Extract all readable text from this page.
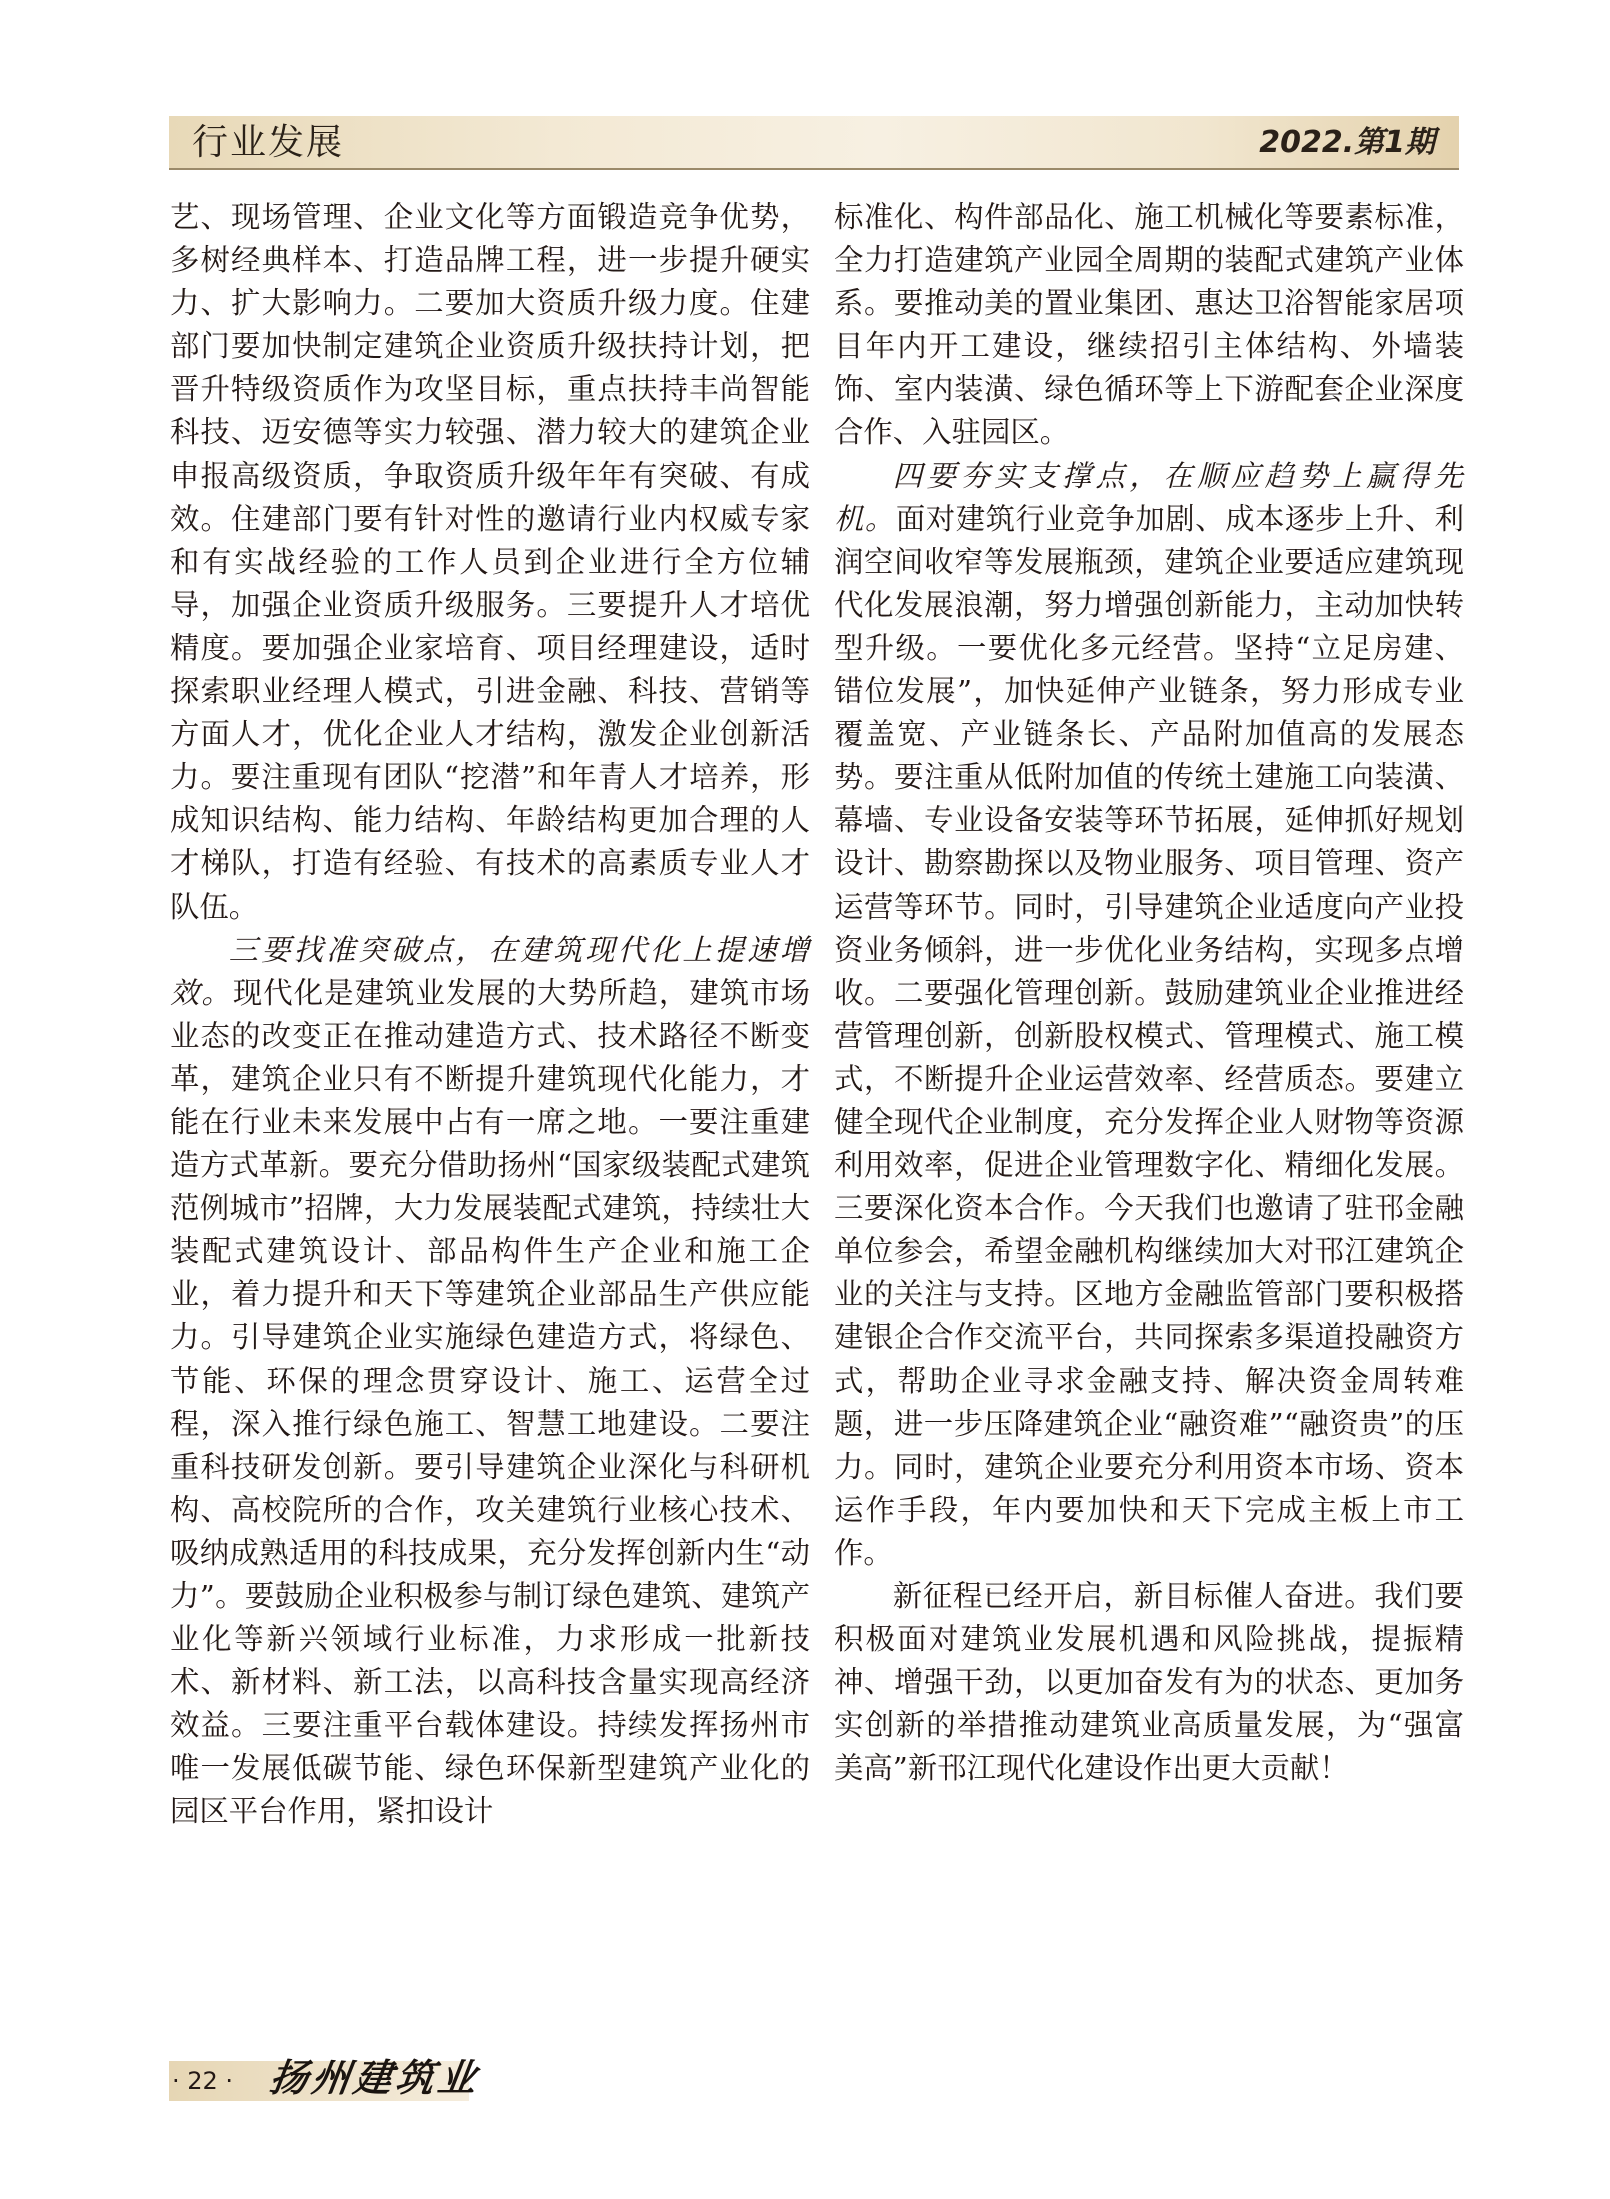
行业发展	2022.第1期

艺、现场管理、企业文化等方面锻造竞争优势，多树经典样本、打造品牌工程，进一步提升硬实力、扩大影响力。二要加大资质升级力度。住建部门要加快制定建筑企业资质升级扶持计划，把晋升特级资质作为攻坚目标，重点扶持丰尚智能科技、迈安德等实力较强、潜力较大的建筑企业申报高级资质，争取资质升级年年有突破、有成效。住建部门要有针对性的邀请行业内权威专家和有实战经验的工作人员到企业进行全方位辅导，加强企业资质升级服务。三要提升人才培优精度。要加强企业家培育、项目经理建设，适时探索职业经理人模式，引进金融、科技、营销等方面人才，优化企业人才结构，激发企业创新活力。要注重现有团队“挖潜”和年青人才培养，形成知识结构、能力结构、年龄结构更加合理的人才梯队，打造有经验、有技术的高素质专业人才队伍。

三要找准突破点，在建筑现代化上提速增效。现代化是建筑业发展的大势所趋，建筑市场业态的改变正在推动建造方式、技术路径不断变革，建筑企业只有不断提升建筑现代化能力，才能在行业未来发展中占有一席之地。一要注重建造方式革新。要充分借助扬州“国家级装配式建筑范例城市”招牌，大力发展装配式建筑，持续壮大装配式建筑设计、部品构件生产企业和施工企业，着力提升和天下等建筑企业部品生产供应能力。引导建筑企业实施绿色建造方式，将绿色、节能、环保的理念贯穿设计、施工、运营全过程，深入推行绿色施工、智慧工地建设。二要注重科技研发创新。要引导建筑企业深化与科研机构、高校院所的合作，攻关建筑行业核心技术、吸纳成熟适用的科技成果，充分发挥创新内生“动力”。要鼓励企业积极参与制订绿色建筑、建筑产业化等新兴领域行业标准，力求形成一批新技术、新材料、新工法，以高科技含量实现高经济效益。三要注重平台载体建设。持续发挥扬州市唯一发展低碳节能、绿色环保新型建筑产业化的园区平台作用，紧扣设计

标准化、构件部品化、施工机械化等要素标准，全力打造建筑产业园全周期的装配式建筑产业体系。要推动美的置业集团、惠达卫浴智能家居项目年内开工建设，继续招引主体结构、外墙装饰、室内装潢、绿色循环等上下游配套企业深度合作、入驻园区。

四要夯实支撑点，在顺应趋势上赢得先机。面对建筑行业竞争加剧、成本逐步上升、利润空间收窄等发展瓶颈，建筑企业要适应建筑现代化发展浪潮，努力增强创新能力，主动加快转型升级。一要优化多元经营。坚持“立足房建、错位发展”，加快延伸产业链条，努力形成专业覆盖宽、产业链条长、产品附加值高的发展态势。要注重从低附加值的传统土建施工向装潢、幕墙、专业设备安装等环节拓展，延伸抓好规划设计、勘察勘探以及物业服务、项目管理、资产运营等环节。同时，引导建筑企业适度向产业投资业务倾斜，进一步优化业务结构，实现多点增收。二要强化管理创新。鼓励建筑业企业推进经营管理创新，创新股权模式、管理模式、施工模式，不断提升企业运营效率、经营质态。要建立健全现代企业制度，充分发挥企业人财物等资源利用效率，促进企业管理数字化、精细化发展。三要深化资本合作。今天我们也邀请了驻邗金融单位参会，希望金融机构继续加大对邗江建筑企业的关注与支持。区地方金融监管部门要积极搭建银企合作交流平台，共同探索多渠道投融资方式，帮助企业寻求金融支持、解决资金周转难题，进一步压降建筑企业“融资难”“融资贵”的压力。同时，建筑企业要充分利用资本市场、资本运作手段，年内要加快和天下完成主板上市工作。

新征程已经开启，新目标催人奋进。我们要积极面对建筑业发展机遇和风险挑战，提振精神、增强干劲，以更加奋发有为的状态、更加务实创新的举措推动建筑业高质量发展，为“强富美高”新邗江现代化建设作出更大贡献！

· 22 · 扬州建筑业
